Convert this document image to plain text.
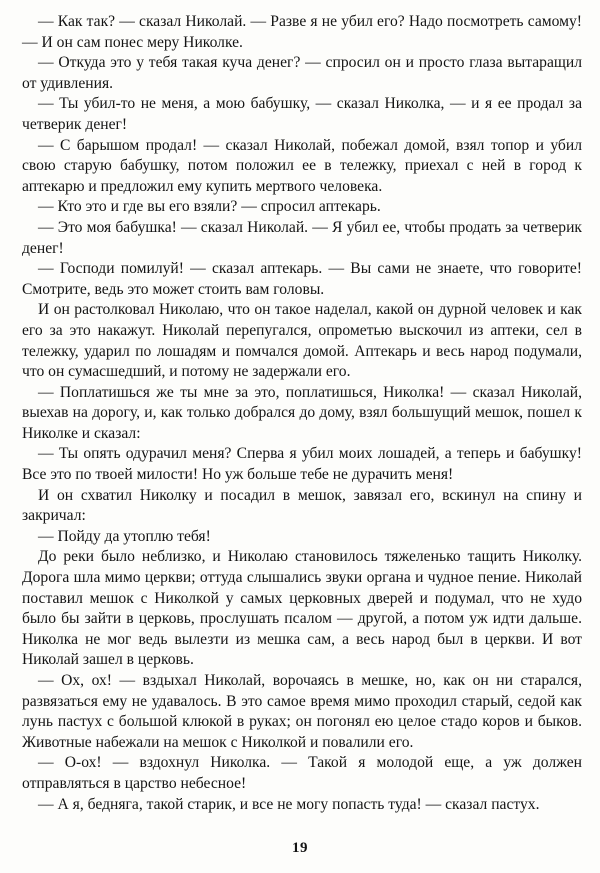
— Как так? — сказал Николай. — Разве я не убил его? Надо посмотреть самому! — И он сам понес меру Николке.

— Откуда это у тебя такая куча денег? — спросил он и просто глаза вытаращил от удивления.

— Ты убил-то не меня, а мою бабушку, — сказал Николка, — и я ее продал за четверик денег!

— С барышом продал! — сказал Николай, побежал домой, взял топор и убил свою старую бабушку, потом положил ее в тележку, приехал с ней в город к аптекарю и предложил ему купить мертвого человека.

— Кто это и где вы его взяли? — спросил аптекарь.

— Это моя бабушка! — сказал Николай. — Я убил ее, чтобы продать за четверик денег!

— Господи помилуй! — сказал аптекарь. — Вы сами не знаете, что говорите! Смотрите, ведь это может стоить вам головы.

И он растолковал Николаю, что он такое наделал, какой он дурной человек и как его за это накажут. Николай перепугался, опрометью выскочил из аптеки, сел в тележку, ударил по лошадям и помчался домой. Аптекарь и весь народ подумали, что он сумасшедший, и потому не задержали его.

— Поплатишься же ты мне за это, поплатишься, Николка! — сказал Николай, выехав на дорогу, и, как только добрался до дому, взял большущий мешок, пошел к Николке и сказал:

— Ты опять одурачил меня? Сперва я убил моих лошадей, а теперь и бабушку! Все это по твоей милости! Но уж больше тебе не дурачить меня!

И он схватил Николку и посадил в мешок, завязал его, вскинул на спину и закричал:

— Пойду да утоплю тебя!

До реки было неблизко, и Николаю становилось тяжеленько тащить Николку. Дорога шла мимо церкви; оттуда слышались звуки органа и чудное пение. Николай поставил мешок с Николкой у самых церковных дверей и подумал, что не худо было бы зайти в церковь, прослушать псалом — другой, а потом уж идти дальше. Николка не мог ведь вылезти из мешка сам, а весь народ был в церкви. И вот Николай зашел в церковь.

— Ох, ох! — вздыхал Николай, ворочаясь в мешке, но, как он ни старался, развязаться ему не удавалось. В это самое время мимо проходил старый, седой как лунь пастух с большой клюкой в руках; он погонял ею целое стадо коров и быков. Животные набежали на мешок с Николкой и повалили его.

— О-ох! — вздохнул Николка. — Такой я молодой еще, а уж должен отправляться в царство небесное!

— А я, бедняга, такой старик, и все не могу попасть туда! — сказал пастух.

19
